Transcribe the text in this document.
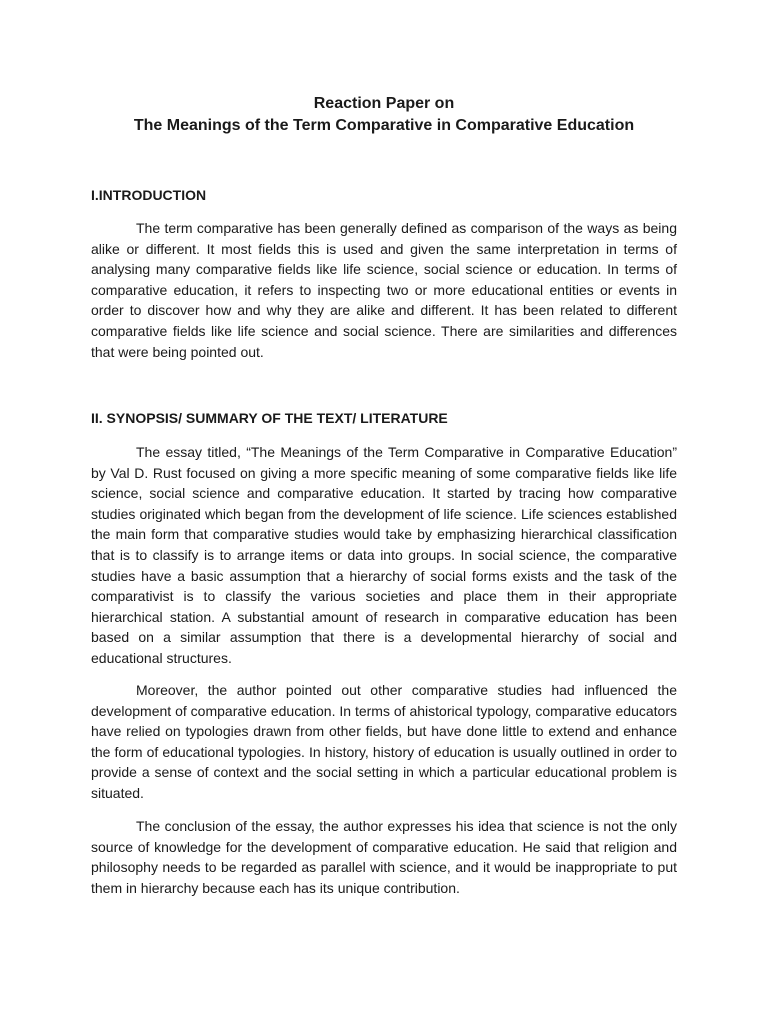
Reaction Paper on
The Meanings of the Term Comparative in Comparative Education
I.INTRODUCTION

The term comparative has been generally defined as comparison of the ways as being alike or different. It most fields this is used and given the same interpretation in terms of analysing many comparative fields like life science, social science or education. In terms of comparative education, it refers to inspecting two or more educational entities or events in order to discover how and why they are alike and different. It has been related to different comparative fields like life science and social science. There are similarities and differences that were being pointed out.

II. SYNOPSIS/ SUMMARY OF THE TEXT/ LITERATURE

The essay titled, “The Meanings of the Term Comparative in Comparative Education” by Val D. Rust focused on giving a more specific meaning of some comparative fields like life science, social science and comparative education. It started by tracing how comparative studies originated which began from the development of life science. Life sciences established the main form that comparative studies would take by emphasizing hierarchical classification that is to classify is to arrange items or data into groups. In social science, the comparative studies have a basic assumption that a hierarchy of social forms exists and the task of the comparativist is to classify the various societies and place them in their appropriate hierarchical station. A substantial amount of research in comparative education has been based on a similar assumption that there is a developmental hierarchy of social and educational structures.

Moreover, the author pointed out other comparative studies had influenced the development of comparative education. In terms of ahistorical typology, comparative educators have relied on typologies drawn from other fields, but have done little to extend and enhance the form of educational typologies. In history, history of education is usually outlined in order to provide a sense of context and the social setting in which a particular educational problem is situated.

The conclusion of the essay, the author expresses his idea that science is not the only source of knowledge for the development of comparative education. He said that religion and philosophy needs to be regarded as parallel with science, and it would be inappropriate to put them in hierarchy because each has its unique contribution.
